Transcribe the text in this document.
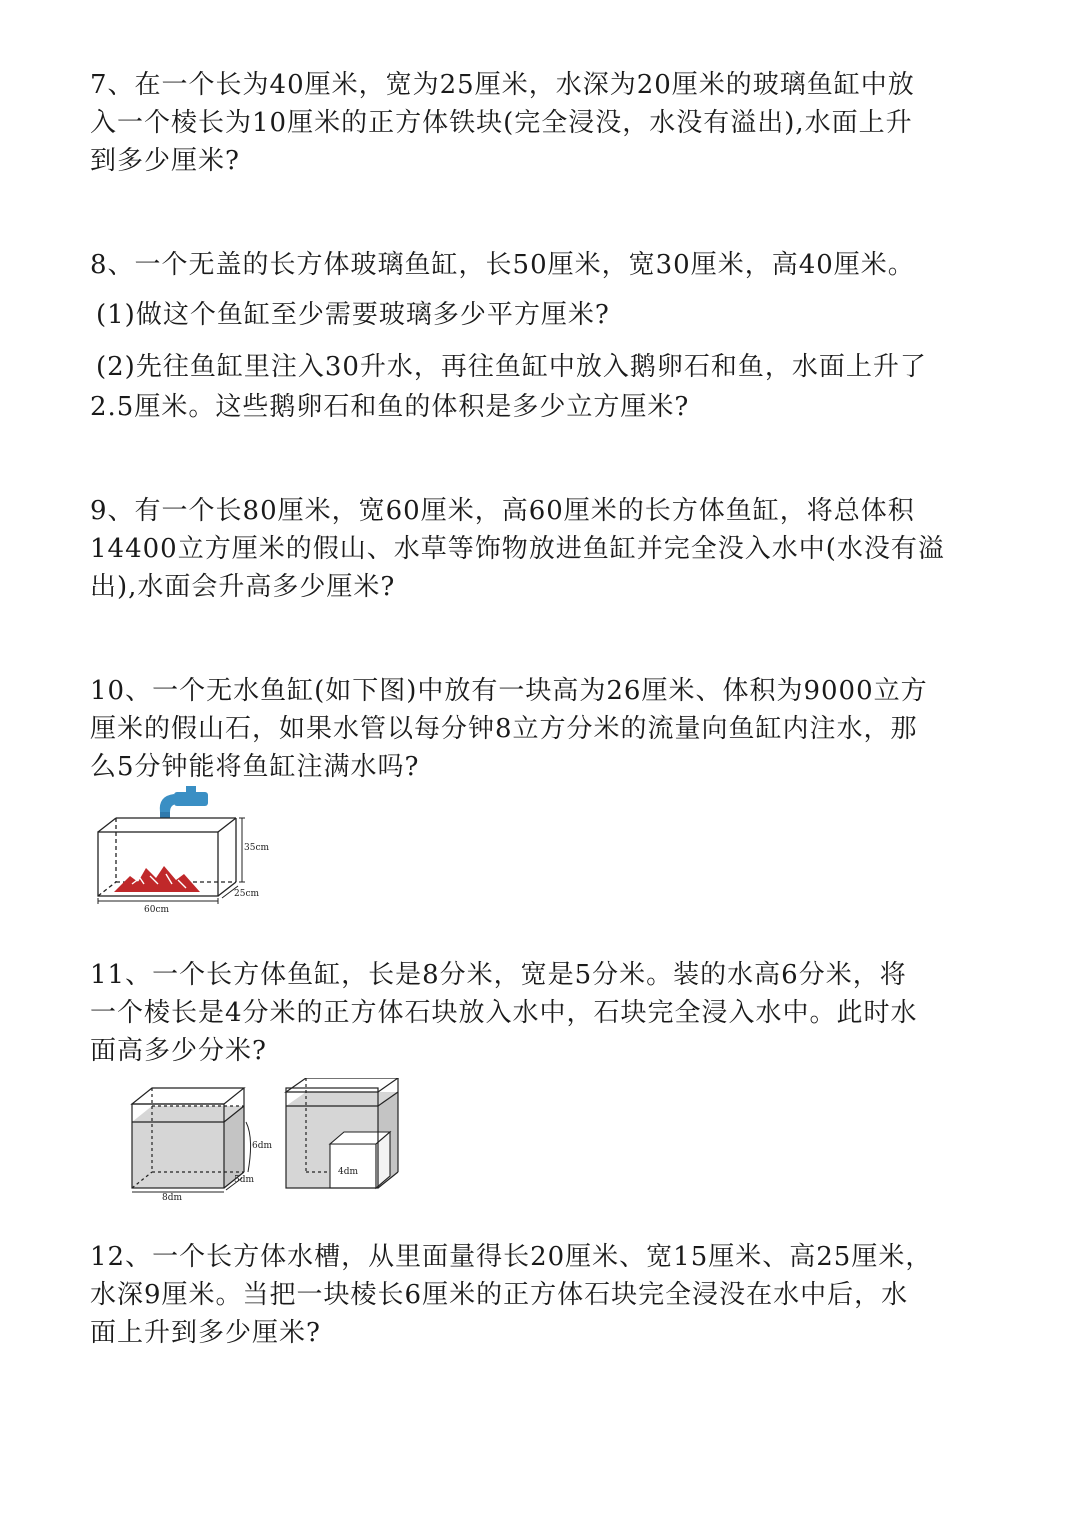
7、在一个长为40厘米，宽为25厘米，水深为20厘米的玻璃鱼缸中放
入一个棱长为10厘米的正方体铁块(完全浸没，水没有溢出),水面上升
到多少厘米?
8、一个无盖的长方体玻璃鱼缸，长50厘米，宽30厘米，高40厘米。
(1)做这个鱼缸至少需要玻璃多少平方厘米?
(2)先往鱼缸里注入30升水，再往鱼缸中放入鹅卵石和鱼，水面上升了
2.5厘米。这些鹅卵石和鱼的体积是多少立方厘米?
9、有一个长80厘米，宽60厘米，高60厘米的长方体鱼缸，将总体积
14400立方厘米的假山、水草等饰物放进鱼缸并完全没入水中(水没有溢
出),水面会升高多少厘米?
10、一个无水鱼缸(如下图)中放有一块高为26厘米、体积为9000立方
厘米的假山石，如果水管以每分钟8立方分米的流量向鱼缸内注水，那
么5分钟能将鱼缸注满水吗?
35cm
25cm
60cm
11、一个长方体鱼缸，长是8分米，宽是5分米。装的水高6分米，将
一个棱长是4分米的正方体石块放入水中，石块完全浸入水中。此时水
面高多少分米?
6dm
5dm
8dm
4dm
12、一个长方体水槽，从里面量得长20厘米、宽15厘米、高25厘米，
水深9厘米。当把一块棱长6厘米的正方体石块完全浸没在水中后，水
面上升到多少厘米?
